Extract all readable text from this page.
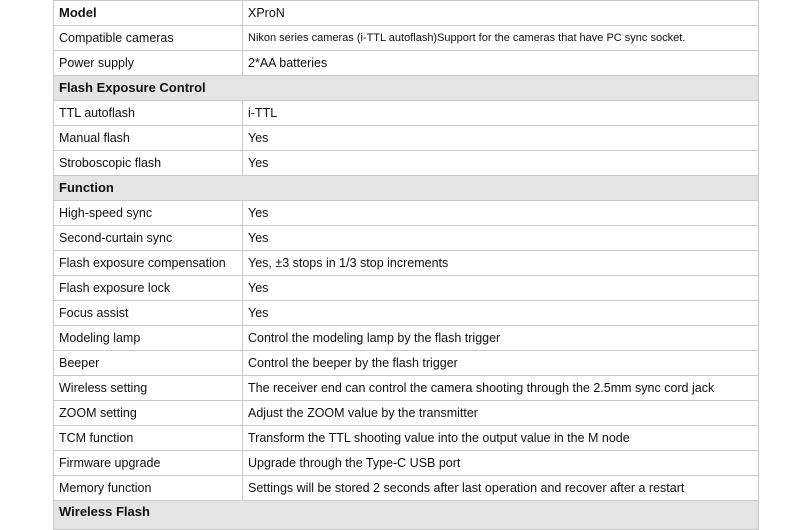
Model	XProN
Compatible cameras	Nikon series cameras (i-TTL autoflash)Support for the cameras that have PC sync socket.
Power supply	2*AA batteries
Flash Exposure Control	
TTL autoflash	i-TTL
Manual flash	Yes
Stroboscopic flash	Yes
Function	
High-speed sync	Yes
Second-curtain sync	Yes
Flash exposure compensation	Yes, ±3 stops in 1/3 stop increments
Flash exposure lock	Yes
Focus assist	Yes
Modeling lamp	Control the modeling lamp by the flash trigger
Beeper	Control the beeper by the flash trigger
Wireless setting	The receiver end can control the camera shooting through the 2.5mm sync cord jack
ZOOM setting	Adjust the ZOOM value by the transmitter
TCM function	Transform the TTL shooting value into the output value in the M node
Firmware upgrade	Upgrade through the Type-C USB port
Memory function	Settings will be stored 2 seconds after last operation and recover after a restart
Wireless Flash	
